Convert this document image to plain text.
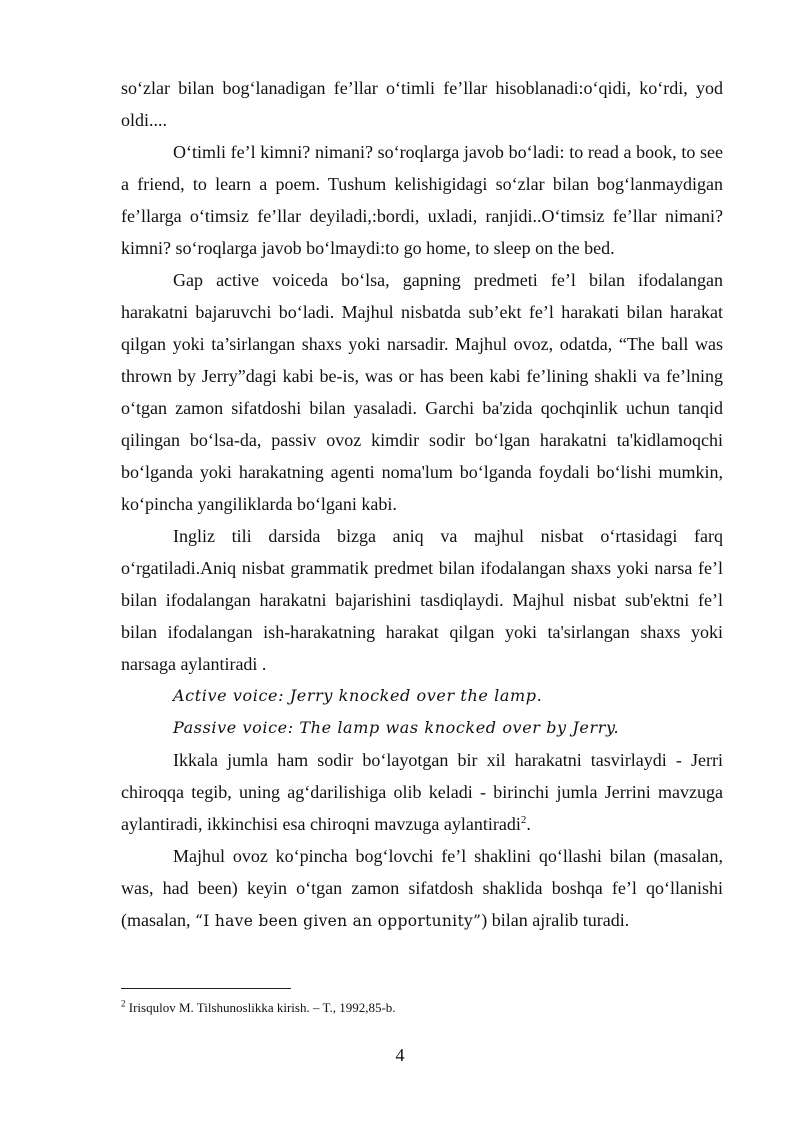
so‘zlar bilan bog‘lanadigan fe’llar o‘timli fe’llar hisoblanadi:o‘qidi, ko‘rdi, yod oldi....

O‘timli fe’l kimni? nimani? so‘roqlarga javob bo‘ladi: to read a book, to see a friend, to learn a poem. Tushum kelishigidagi so‘zlar bilan bog‘lanmaydigan fe’llarga o‘timsiz fe’llar deyiladi,:bordi, uxladi, ranjidi..O‘timsiz fe’llar nimani? kimni? so‘roqlarga javob bo‘lmaydi:to go home, to sleep on the bed.

Gap active voiceda bo‘lsa, gapning predmeti fe’l bilan ifodalangan harakatni bajaruvchi bo‘ladi. Majhul nisbatda sub’ekt fe’l harakati bilan harakat qilgan yoki ta’sirlangan shaxs yoki narsadir. Majhul ovoz, odatda, “The ball was thrown by Jerry”dagi kabi be-is, was or has been kabi fe’lining shakli va fe’lning o‘tgan zamon sifatdoshi bilan yasaladi. Garchi ba'zida qochqinlik uchun tanqid qilingan bo‘lsa-da, passiv ovoz kimdir sodir bo‘lgan harakatni ta'kidlamoqchi bo‘lganda yoki harakatning agenti noma'lum bo‘lganda foydali bo‘lishi mumkin, ko‘pincha yangiliklarda bo‘lgani kabi.

Ingliz tili darsida bizga aniq va majhul nisbat o‘rtasidagi farq o‘rgatiladi.Aniq nisbat grammatik predmet bilan ifodalangan shaxs yoki narsa fe’l bilan ifodalangan harakatni bajarishini tasdiqlaydi. Majhul nisbat sub'ektni fe’l bilan ifodalangan ish-harakatning harakat qilgan yoki ta'sirlangan shaxs yoki narsaga aylantiradi .

Active voice: Jerry knocked over the lamp.

Passive voice: The lamp was knocked over by Jerry.

Ikkala jumla ham sodir bo‘layotgan bir xil harakatni tasvirlaydi - Jerri chiroqqa tegib, uning ag‘darilishiga olib keladi - birinchi jumla Jerrini mavzuga aylantiradi, ikkinchisi esa chiroqni mavzuga aylantiradi$^2$.

Majhul ovoz ko‘pincha bog‘lovchi fe’l shaklini qo‘llashi bilan (masalan, was, had been) keyin o‘tgan zamon sifatdosh shaklida boshqa fe’l qo‘llanishi (masalan, “I have been given an opportunity”) bilan ajralib turadi.

$^2$ Irisqulov M. Tilshunoslikka kirish. – T., 1992,85-b.
4
